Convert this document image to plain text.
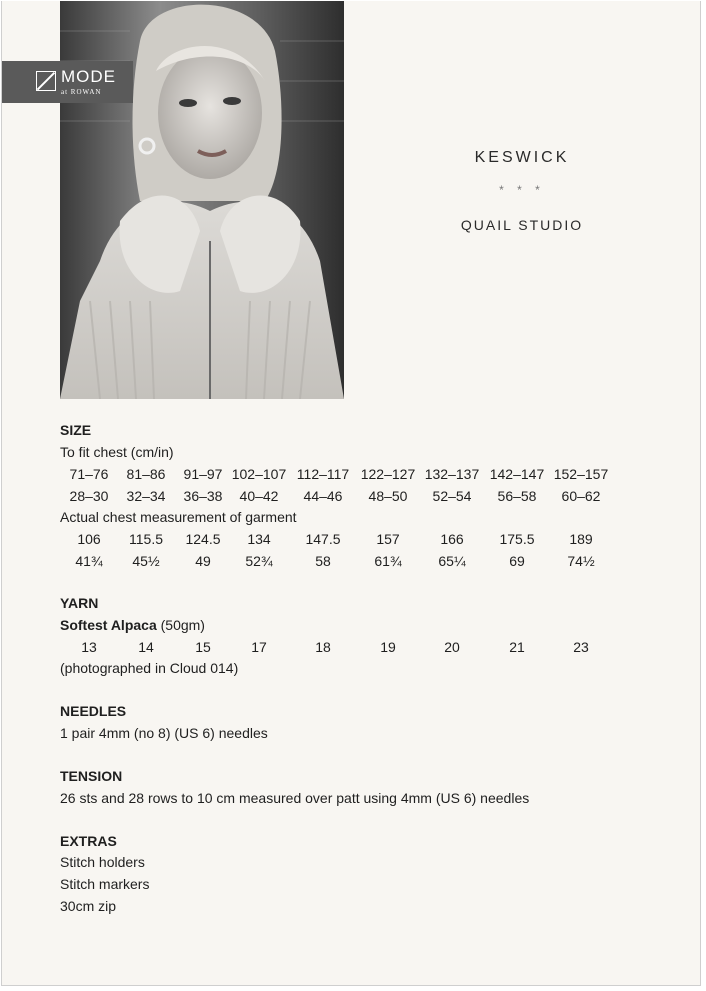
MODE
at ROWAN
KESWICK
* * *
QUAIL STUDIO
SIZE
To fit chest (cm/in)
71–76	81–86	91–97 102–107 112–117 122–127 132–137 142–147 152–157
28–30	32–34	36–38	40–42	44–46	48–50	52–54	56–58	60–62
Actual chest measurement of garment
106	115.5	124.5	134	147.5	157	166	175.5	189
41¾	45½	49	52¾	58	61¾	65¼	69	74½
YARN
Softest Alpaca (50gm)
13	14	15	17	18	19	20	21	23
(photographed in Cloud 014)
NEEDLES
1 pair 4mm (no 8) (US 6) needles
TENSION
26 sts and 28 rows to 10 cm measured over patt using 4mm (US 6) needles
EXTRAS
Stitch holders
Stitch markers
30cm zip
